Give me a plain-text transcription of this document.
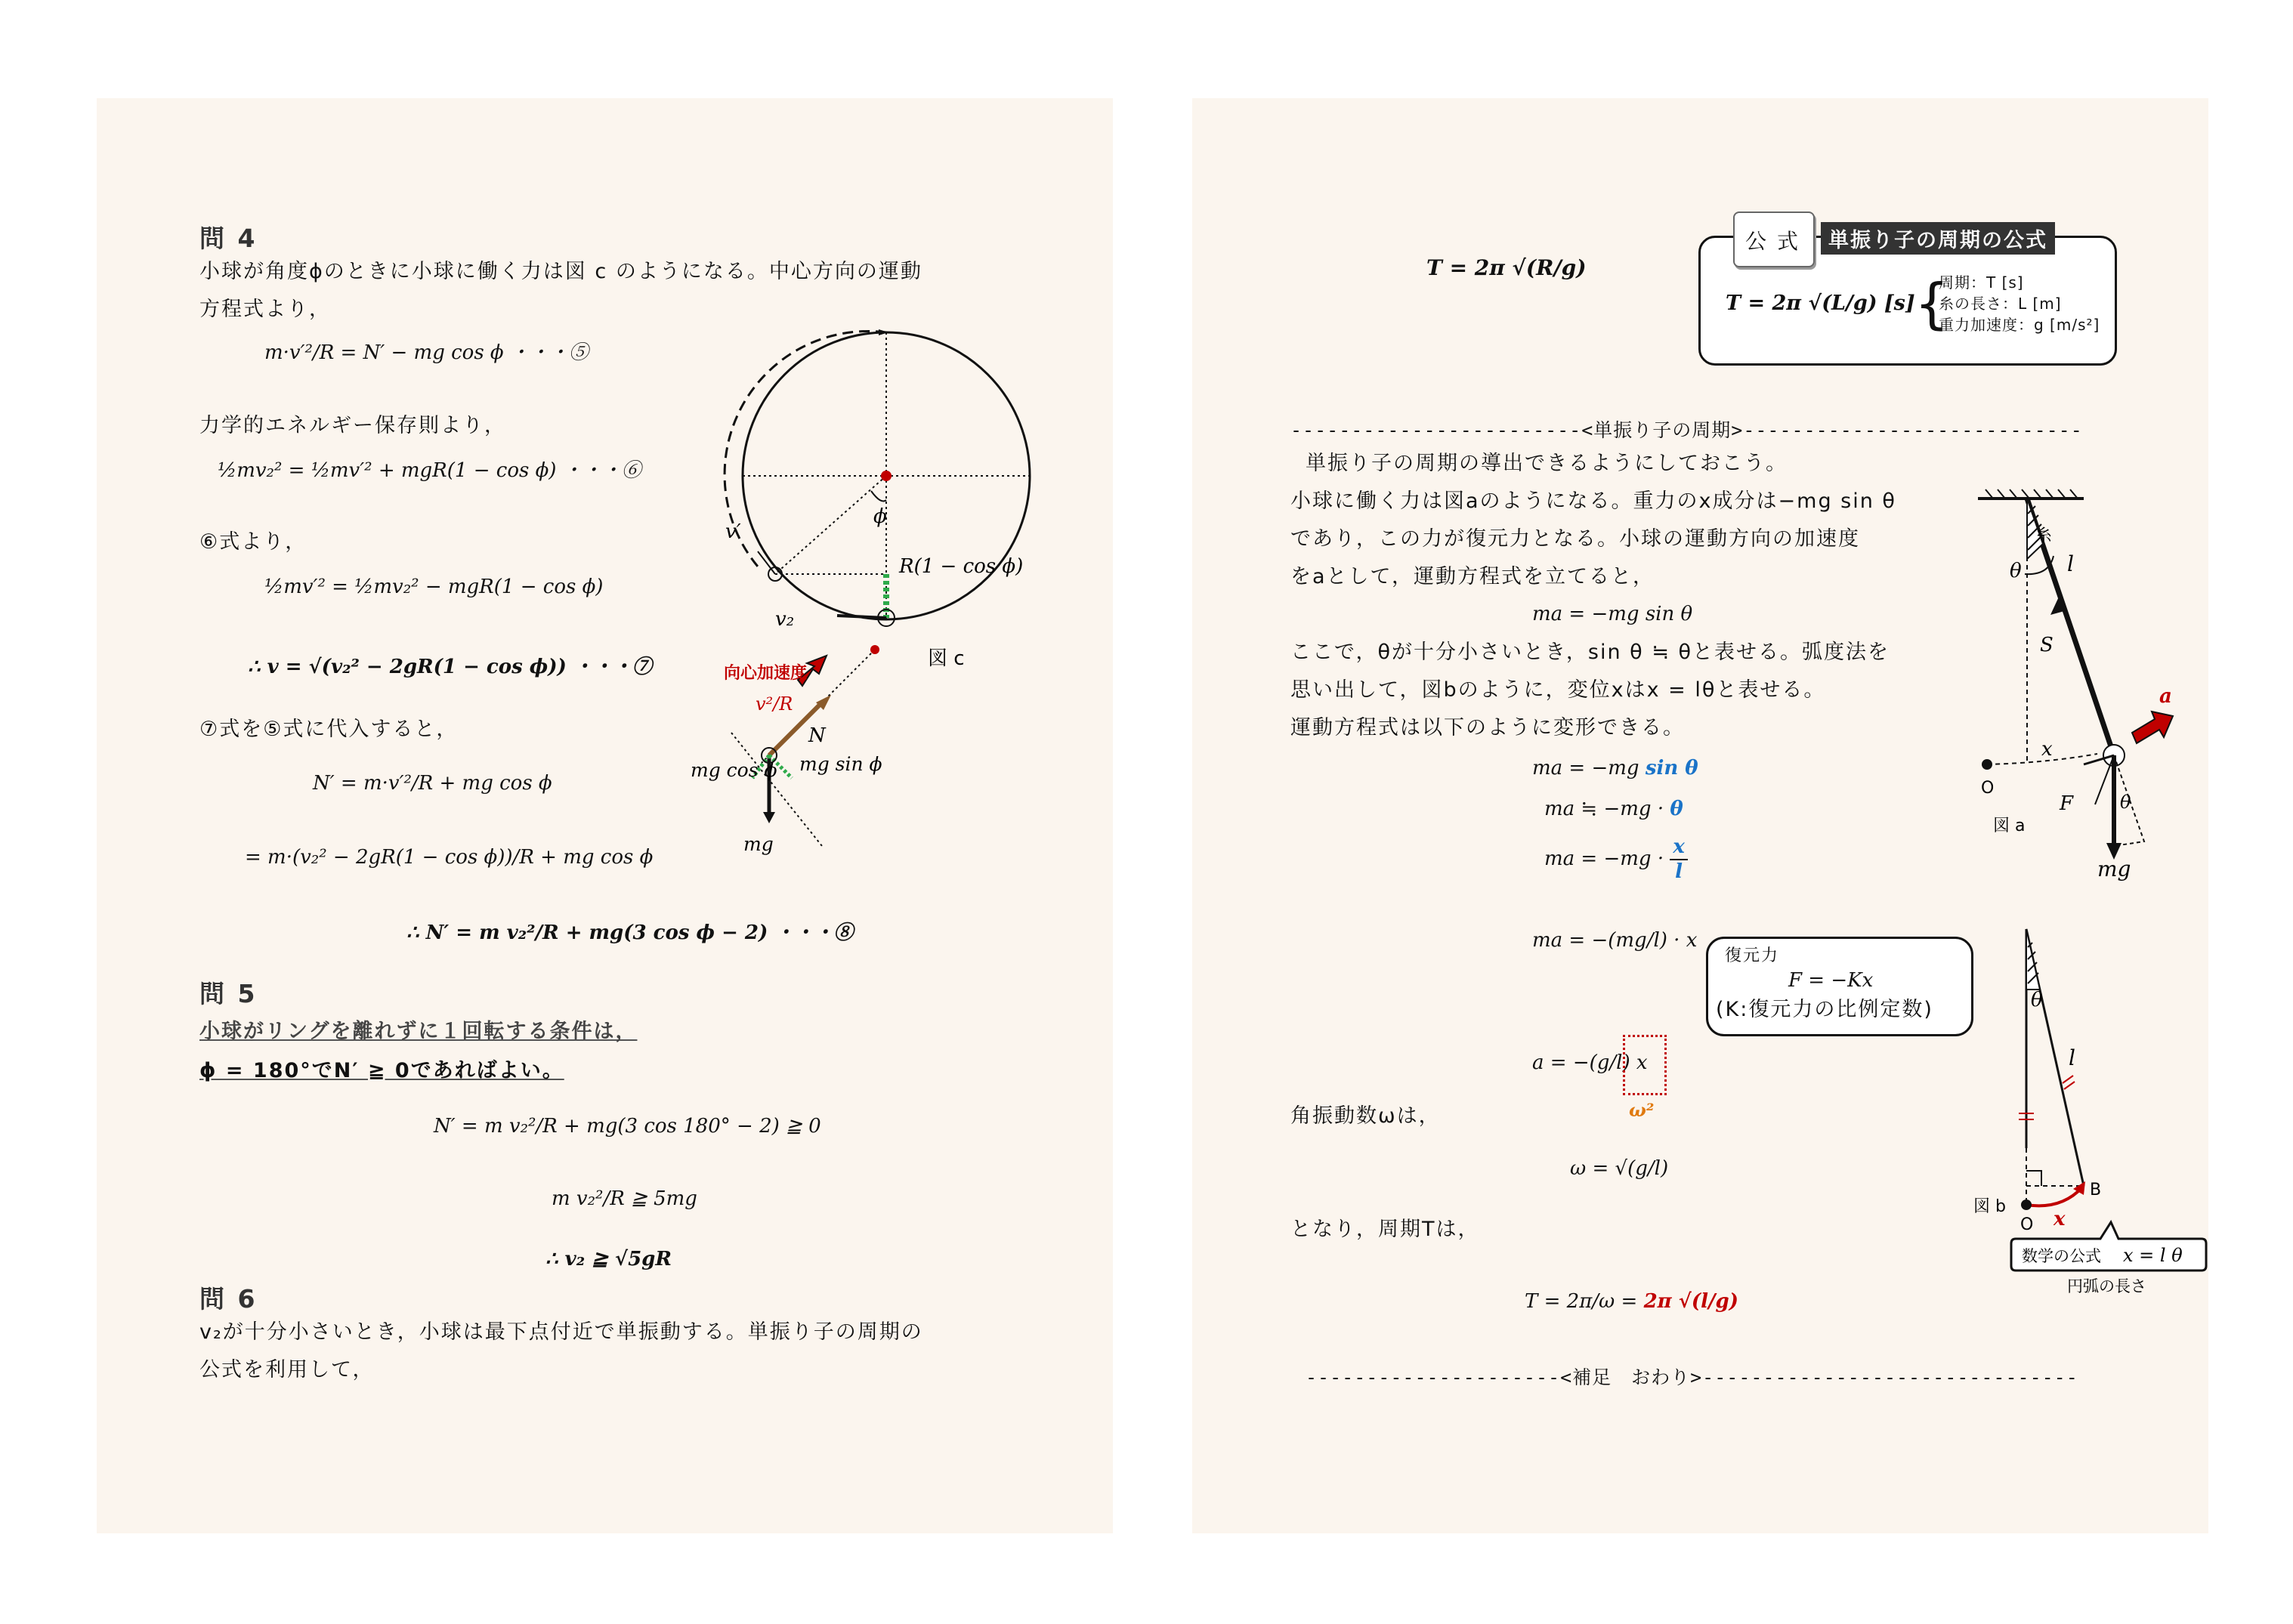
問 4
小球が角度ϕのときに小球に働く力は図 c のようになる。中心方向の運動
方程式より，
m·v′²/R = N′ − mg cos ϕ ・・・⑤
力学的エネルギー保存則より，
½mv₂² = ½mv′² + mgR(1 − cos ϕ) ・・・⑥
⑥式より，
½mv′² = ½mv₂² − mgR(1 − cos ϕ)
∴ v = √(v₂² − 2gR(1 − cos ϕ)) ・・・⑦
⑦式を⑤式に代入すると，
N′ = m·v′²/R + mg cos ϕ
= m·(v₂² − 2gR(1 − cos ϕ))/R + mg cos ϕ
∴ N′ = m v₂²/R + mg(3 cos ϕ − 2) ・・・⑧
v′
v₂
ϕ
R(1 − cos ϕ)
向心加速度
v²/R
N
mg cos ϕ mg sin ϕ
mg
図 c
問 5
小球がリングを離れずに１回転する条件は，
ϕ = 180°でN′ ≧ 0であればよい。
N′ = m v₂²/R + mg(3 cos 180° − 2) ≧ 0
m v₂²/R ≧ 5mg
∴ v₂ ≧ √5gR
問 6
v₂が十分小さいとき，小球は最下点付近で単振動する。単振り子の周期の
公式を利用して，
T = 2π √(R/g)
公 式	単振り子の周期の公式
T = 2π √(L/g) [s] {
周期：T [s]
糸の長さ：L [m]
重力加速度：g [m/s²]
------------------------<単振り子の周期>----------------------------
単振り子の周期の導出できるようにしておこう。
小球に働く力は図aのようになる。重力のx成分は−mg sin θ
であり，この力が復元力となる。小球の運動方向の加速度
をaとして，運動方程式を立てると，
ma = −mg sin θ
ここで，θが十分小さいとき，sin θ ≒ θと表せる。弧度法を
思い出して，図bのように，変位xはx = lθと表せる。
運動方程式は以下のように変形できる。
ma = −mg sin θ
ma ≒ −mg · θ
ma = $-mg \cdot \frac{x}{l}$
ma = −(mg/l) · x
復元力
F = −Kx
(K:復元力の比例定数)
a = −(g/l) x
ω²
角振動数ωは，
ω = √(g/l)
となり，周期Tは，
T = 2π/ω = 2π √(l/g)
---------------------<補足　おわり>-------------------------------
糸
l
θ
S
a
x
O
F	θ
図 a
mg
θ
l
B
O x
図 b
数学の公式 x = l θ
円弧の長さ
